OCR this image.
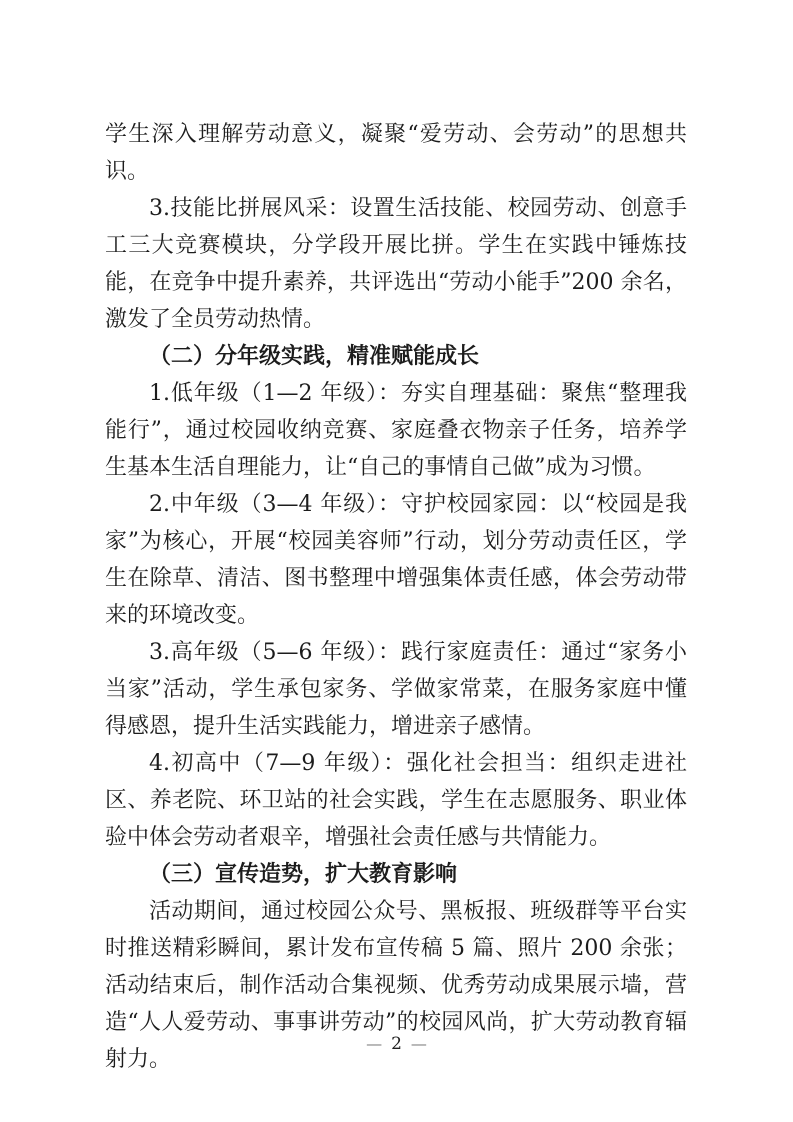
学生深入理解劳动意义，凝聚“爱劳动、会劳动”的思想共识。

3.技能比拼展风采：设置生活技能、校园劳动、创意手工三大竞赛模块，分学段开展比拼。学生在实践中锤炼技能，在竞争中提升素养，共评选出“劳动小能手”200 余名，激发了全员劳动热情。

（二）分年级实践，精准赋能成长

1.低年级（1—2 年级）：夯实自理基础：聚焦“整理我能行”，通过校园收纳竞赛、家庭叠衣物亲子任务，培养学生基本生活自理能力，让“自己的事情自己做”成为习惯。

2.中年级（3—4 年级）：守护校园家园：以“校园是我家”为核心，开展“校园美容师”行动，划分劳动责任区，学生在除草、清洁、图书整理中增强集体责任感，体会劳动带来的环境改变。

3.高年级（5—6 年级）：践行家庭责任：通过“家务小当家”活动，学生承包家务、学做家常菜，在服务家庭中懂得感恩，提升生活实践能力，增进亲子感情。

4.初高中（7—9 年级）：强化社会担当：组织走进社区、养老院、环卫站的社会实践，学生在志愿服务、职业体验中体会劳动者艰辛，增强社会责任感与共情能力。

（三）宣传造势，扩大教育影响

活动期间，通过校园公众号、黑板报、班级群等平台实时推送精彩瞬间，累计发布宣传稿 5 篇、照片 200 余张；活动结束后，制作活动合集视频、优秀劳动成果展示墙，营造“人人爱劳动、事事讲劳动”的校园风尚，扩大劳动教育辐射力。

— 2 —
